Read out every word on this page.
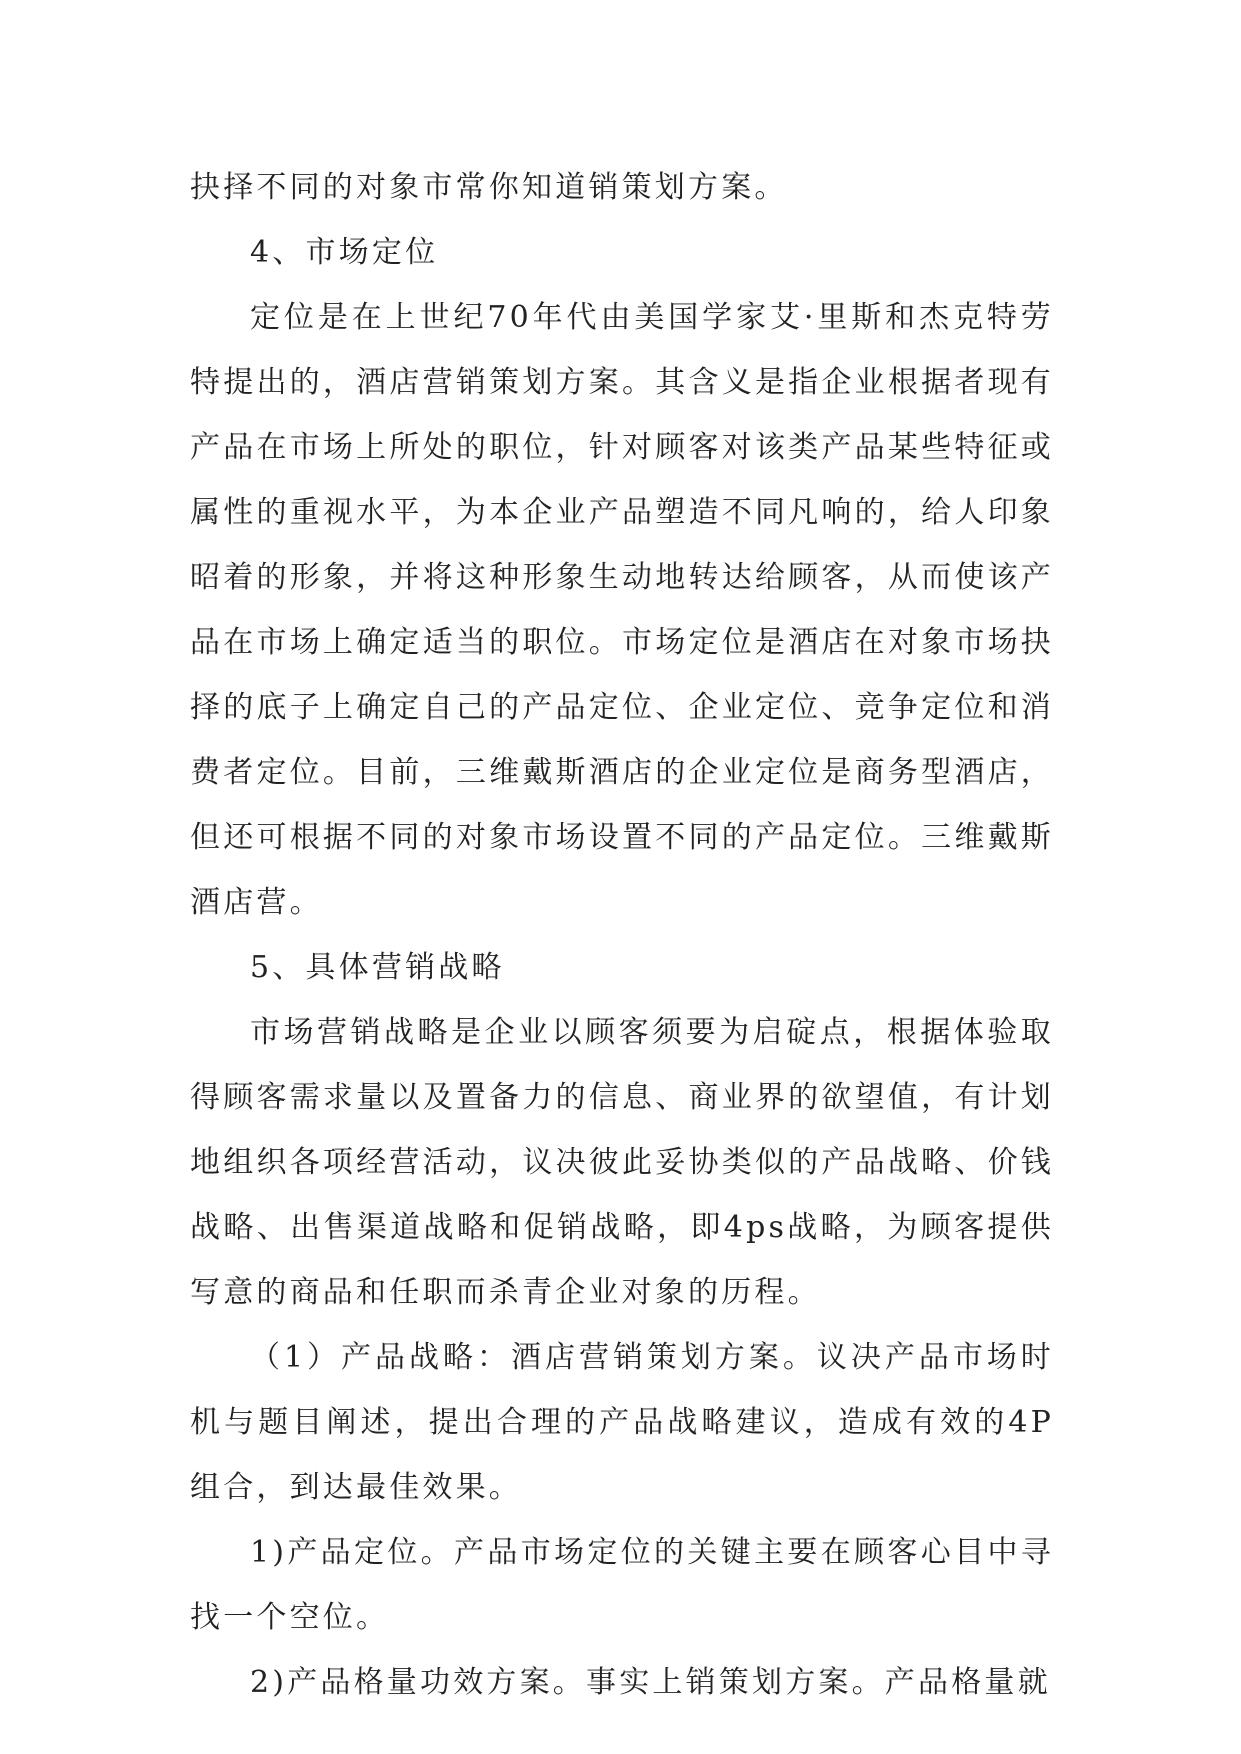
抉择不同的对象市常你知道销策划方案。

4、市场定位

定位是在上世纪70年代由美国学家艾·里斯和杰克特劳特提出的，酒店营销策划方案。其含义是指企业根据者现有产品在市场上所处的职位，针对顾客对该类产品某些特征或属性的重视水平，为本企业产品塑造不同凡响的，给人印象昭着的形象，并将这种形象生动地转达给顾客，从而使该产品在市场上确定适当的职位。市场定位是酒店在对象市场抉择的底子上确定自己的产品定位、企业定位、竞争定位和消费者定位。目前，三维戴斯酒店的企业定位是商务型酒店，但还可根据不同的对象市场设置不同的产品定位。三维戴斯酒店营。

5、具体营销战略

市场营销战略是企业以顾客须要为启碇点，根据体验取得顾客需求量以及置备力的信息、商业界的欲望值，有计划地组织各项经营活动，议决彼此妥协类似的产品战略、价钱战略、出售渠道战略和促销战略，即4ps战略，为顾客提供写意的商品和任职而杀青企业对象的历程。

（1）产品战略：酒店营销策划方案。议决产品市场时机与题目阐述，提出合理的产品战略建议，造成有效的4P组合，到达最佳效果。

1)产品定位。产品市场定位的关键主要在顾客心目中寻找一个空位。

2)产品格量功效方案。事实上销策划方案。产品格量就
